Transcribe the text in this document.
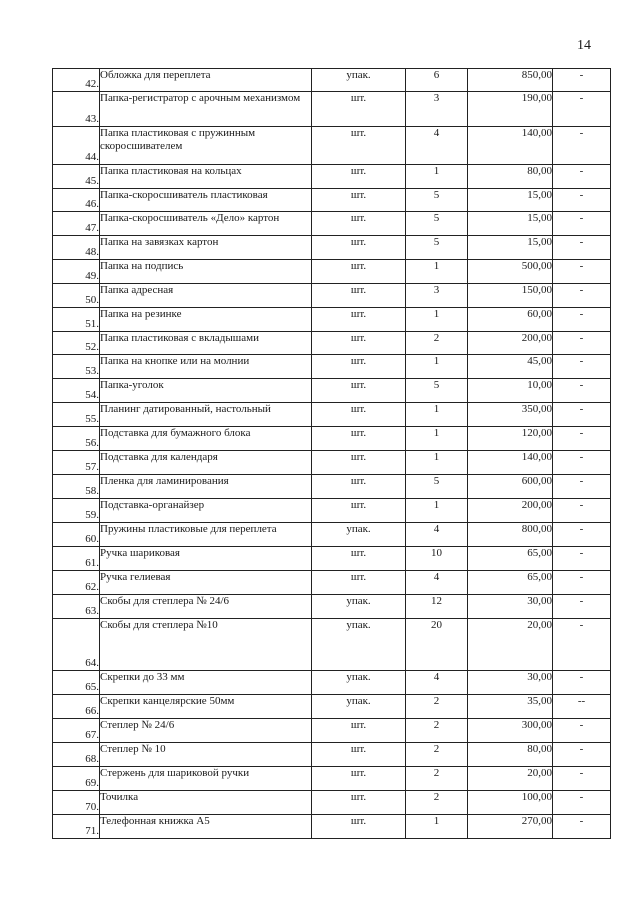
14
42.	Обложка для переплета	упак.	6	850,00	-
43.	Папка-регистратор с арочным механизмом	шт.	3	190,00	-
44.	Папка пластиковая с пружинным скоросшивателем	шт.	4	140,00	-
45.	Папка пластиковая на кольцах	шт.	1	80,00	-
46.	Папка-скоросшиватель пластиковая	шт.	5	15,00	-
47.	Папка-скоросшиватель «Дело» картон	шт.	5	15,00	-
48.	Папка на завязках картон	шт.	5	15,00	-
49.	Папка на подпись	шт.	1	500,00	-
50.	Папка адресная	шт.	3	150,00	-
51.	Папка на резинке	шт.	1	60,00	-
52.	Папка пластиковая с вкладышами	шт.	2	200,00	-
53.	Папка на кнопке или на молнии	шт.	1	45,00	-
54.	Папка-уголок	шт.	5	10,00	-
55.	Планинг датированный, настольный	шт.	1	350,00	-
56.	Подставка для бумажного блока	шт.	1	120,00	-
57.	Подставка для календаря	шт.	1	140,00	-
58.	Пленка для ламинирования	шт.	5	600,00	-
59.	Подставка-органайзер	шт.	1	200,00	-
60.	Пружины пластиковые для переплета	упак.	4	800,00	-
61.	Ручка шариковая	шт.	10	65,00	-
62.	Ручка гелиевая	шт.	4	65,00	-
63.	Скобы для степлера № 24/6	упак.	12	30,00	-
64.	Скобы для степлера №10	упак.	20	20,00	-
65.	Скрепки до 33 мм	упак.	4	30,00	-
66.	Скрепки канцелярские 50мм	упак.	2	35,00	--
67.	Степлер № 24/6	шт.	2	300,00	-
68.	Степлер № 10	шт.	2	80,00	-
69.	Стержень для шариковой ручки	шт.	2	20,00	-
70.	Точилка	шт.	2	100,00	-
71.	Телефонная книжка А5	шт.	1	270,00	-
